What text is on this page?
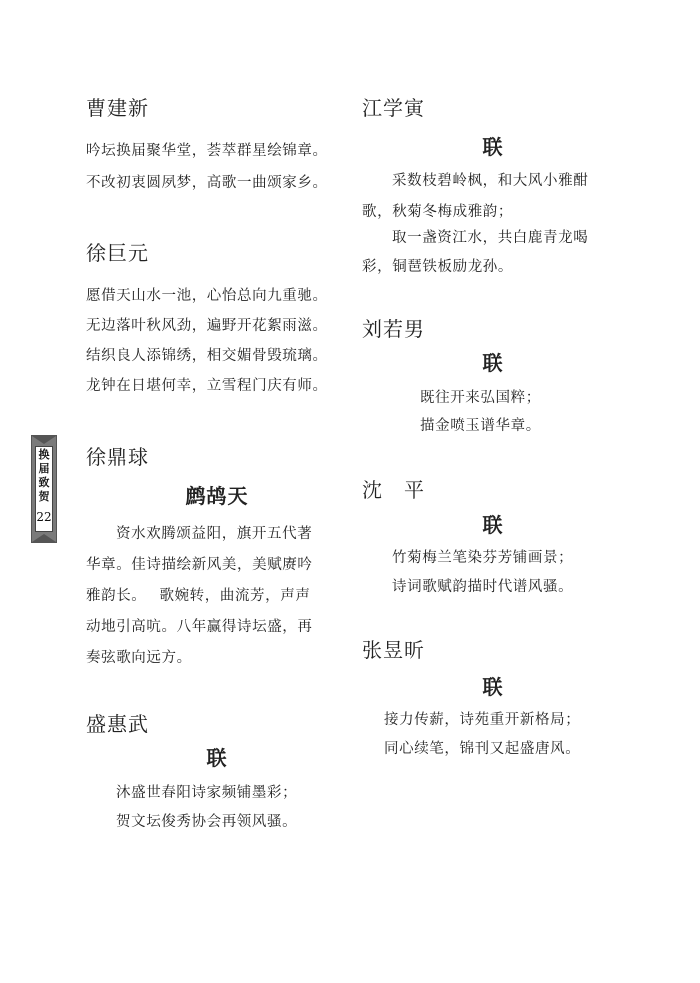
换
届
致
贺
22
曹建新

吟坛换届聚华堂，荟萃群星绘锦章。

不改初衷圆夙梦，高歌一曲颂家乡。

徐巨元

愿借天山水一池，心怡总向九重驰。

无边落叶秋风劲，遍野开花絮雨滋。

结织良人添锦绣，相交媚骨毁琉璃。

龙钟在日堪何幸，立雪程门庆有师。

徐鼎球
鹧鸪天

资水欢腾颂益阳，旗开五代著

华章。佳诗描绘新风美，美赋赓吟

雅韵长。　 歌婉转，曲流芳，声声

动地引高吭。八年赢得诗坛盛，再

奏弦歌向远方。

盛惠武
联

沐盛世春阳诗家频铺墨彩；

贺文坛俊秀协会再领风骚。

江学寅
联

采数枝碧岭枫，和大风小雅酣

歌，秋菊冬梅成雅韵；

取一盏资江水，共白鹿青龙喝

彩，铜琶铁板励龙孙。

刘若男
联

既往开来弘国粹；

描金喷玉谱华章。

沈　平
联

竹菊梅兰笔染芬芳铺画景；

诗词歌赋韵描时代谱风骚。

张昱昕
联

接力传薪，诗苑重开新格局；

同心续笔，锦刊又起盛唐风。
